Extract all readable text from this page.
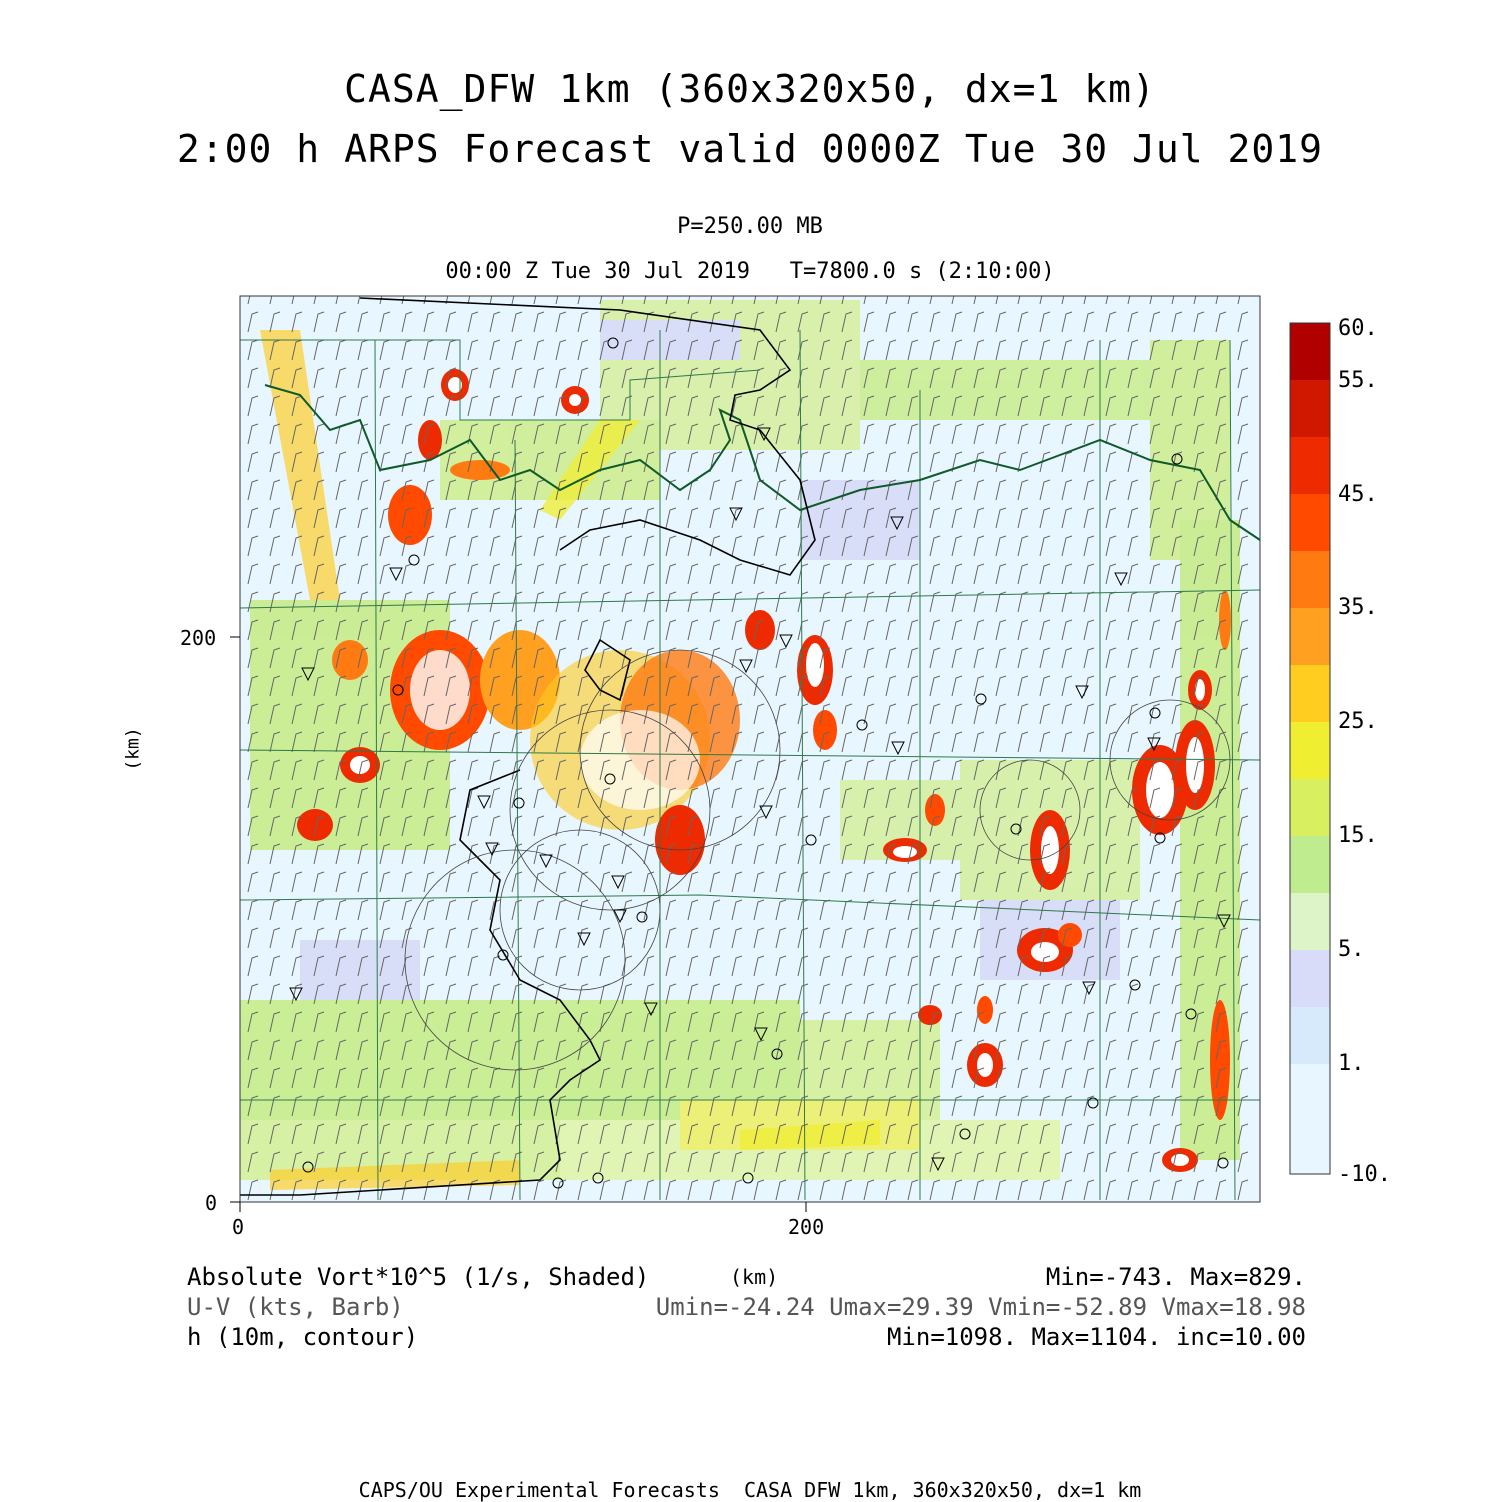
CASA_DFW 1km (360x320x50, dx=1 km)
2:00 h ARPS Forecast valid 0000Z Tue 30 Jul 2019
P=250.00 MB
00:00 Z Tue 30 Jul 2019   T=7800.0 s (2:10:00)
0
200
0	200
(km)
60.
55.
45.
35.
25.
15.
5.
1.
-10.
Absolute Vort*10^5 (1/s, Shaded)	(km)	Min=-743. Max=829.
U-V (kts, Barb)	Umin=-24.24 Umax=29.39 Vmin=-52.89 Vmax=18.98
h (10m, contour)	Min=1098. Max=1104. inc=10.00
CAPS/OU Experimental Forecasts  CASA DFW 1km, 360x320x50, dx=1 km
